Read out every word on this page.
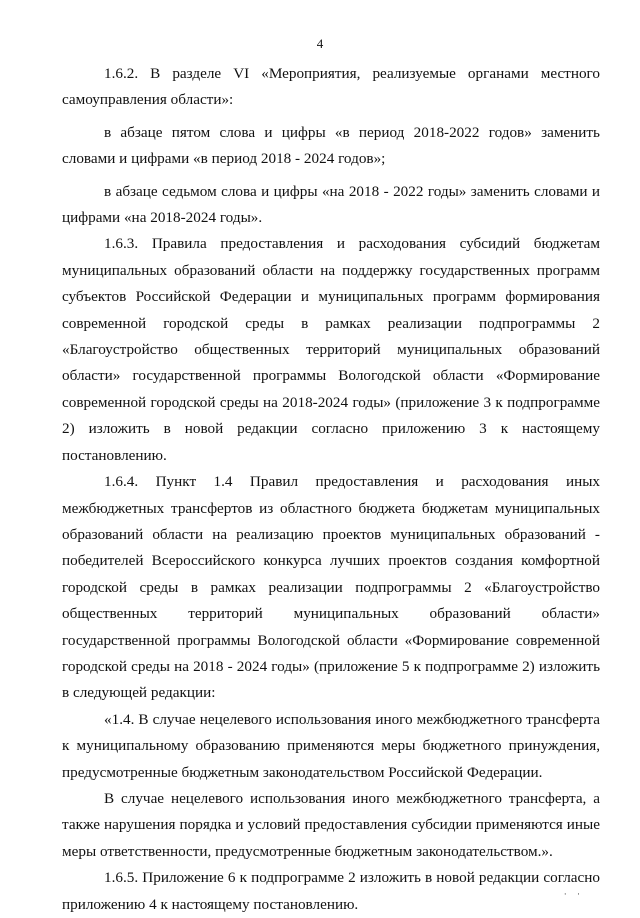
4

1.6.2. В разделе VI «Мероприятия, реализуемые органами местного самоуправления области»:

в абзаце пятом слова и цифры «в период 2018-2022 годов» заменить словами и цифрами «в период 2018 - 2024 годов»;

в абзаце седьмом слова и цифры «на 2018 - 2022 годы» заменить словами и цифрами «на 2018-2024 годы».

1.6.3. Правила предоставления и расходования субсидий бюджетам муниципальных образований области на поддержку государственных программ субъектов Российской Федерации и муниципальных программ формирования современной городской среды в рамках реализации подпрограммы 2 «Благоустройство общественных территорий муниципальных образований области» государственной программы Вологодской области «Формирование современной городской среды на 2018-2024 годы» (приложение 3 к подпрограмме 2) изложить в новой редакции согласно приложению 3 к настоящему постановлению.

1.6.4. Пункт 1.4 Правил предоставления и расходования иных межбюджетных трансфертов из областного бюджета бюджетам муниципальных образований области на реализацию проектов муниципальных образований - победителей Всероссийского конкурса лучших проектов создания комфортной городской среды в рамках реализации подпрограммы 2 «Благоустройство общественных территорий муниципальных образований области» государственной программы Вологодской области «Формирование современной городской среды на 2018 - 2024 годы» (приложение 5 к подпрограмме 2) изложить в следующей редакции:

«1.4. В случае нецелевого использования иного межбюджетного трансферта к муниципальному образованию применяются меры бюджетного принуждения, предусмотренные бюджетным законодательством Российской Федерации.

В случае нецелевого использования иного межбюджетного трансферта, а также нарушения порядка и условий предоставления субсидии применяются иные меры ответственности, предусмотренные бюджетным законодательством.».

1.6.5. Приложение 6 к подпрограмме 2 изложить в новой редакции согласно приложению 4 к настоящему постановлению.

· ·
